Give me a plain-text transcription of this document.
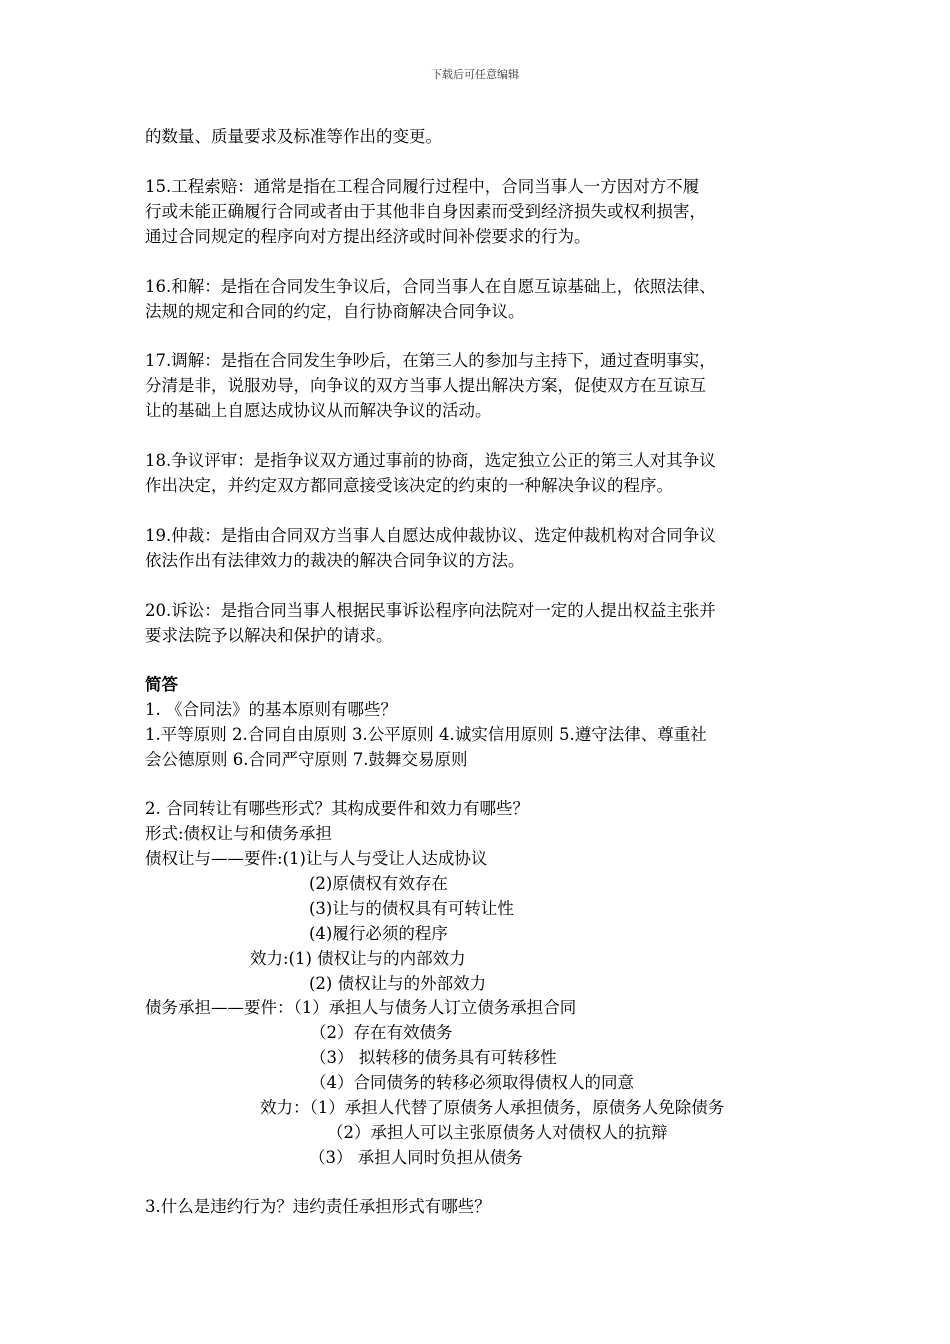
下载后可任意编辑
的数量、质量要求及标准等作出的变更。
15.工程索赔：通常是指在工程合同履行过程中，合同当事人一方因对方不履
行或未能正确履行合同或者由于其他非自身因素而受到经济损失或权利损害，
通过合同规定的程序向对方提出经济或时间补偿要求的行为。
16.和解：是指在合同发生争议后，合同当事人在自愿互谅基础上，依照法律、
法规的规定和合同的约定，自行协商解决合同争议。
17.调解：是指在合同发生争吵后，在第三人的参加与主持下，通过查明事实，
分清是非，说服劝导，向争议的双方当事人提出解决方案，促使双方在互谅互
让的基础上自愿达成协议从而解决争议的活动。
18.争议评审：是指争议双方通过事前的协商，选定独立公正的第三人对其争议
作出决定，并约定双方都同意接受该决定的约束的一种解决争议的程序。
19.仲裁：是指由合同双方当事人自愿达成仲裁协议、选定仲裁机构对合同争议
依法作出有法律效力的裁决的解决合同争议的方法。
20.诉讼：是指合同当事人根据民事诉讼程序向法院对一定的人提出权益主张并
要求法院予以解决和保护的请求。
简答
1. 《合同法》的基本原则有哪些？
1.平等原则 2.合同自由原则 3.公平原则 4.诚实信用原则 5.遵守法律、尊重社
会公德原则 6.合同严守原则 7.鼓舞交易原则
2. 合同转让有哪些形式？其构成要件和效力有哪些？
形式:债权让与和债务承担
债权让与——要件:(1)让与人与受让人达成协议
(2)原债权有效存在
(3)让与的债权具有可转让性
(4)履行必须的程序
效力:(1) 债权让与的内部效力
(2) 债权让与的外部效力
债务承担——要件：（1）承担人与债务人订立债务承担合同
（2）存在有效债务
（3） 拟转移的债务具有可转移性
（4）合同债务的转移必须取得债权人的同意
效力：（1）承担人代替了原债务人承担债务，原债务人免除债务
（2）承担人可以主张原债务人对债权人的抗辩
（3） 承担人同时负担从债务
3.什么是违约行为？违约责任承担形式有哪些？
